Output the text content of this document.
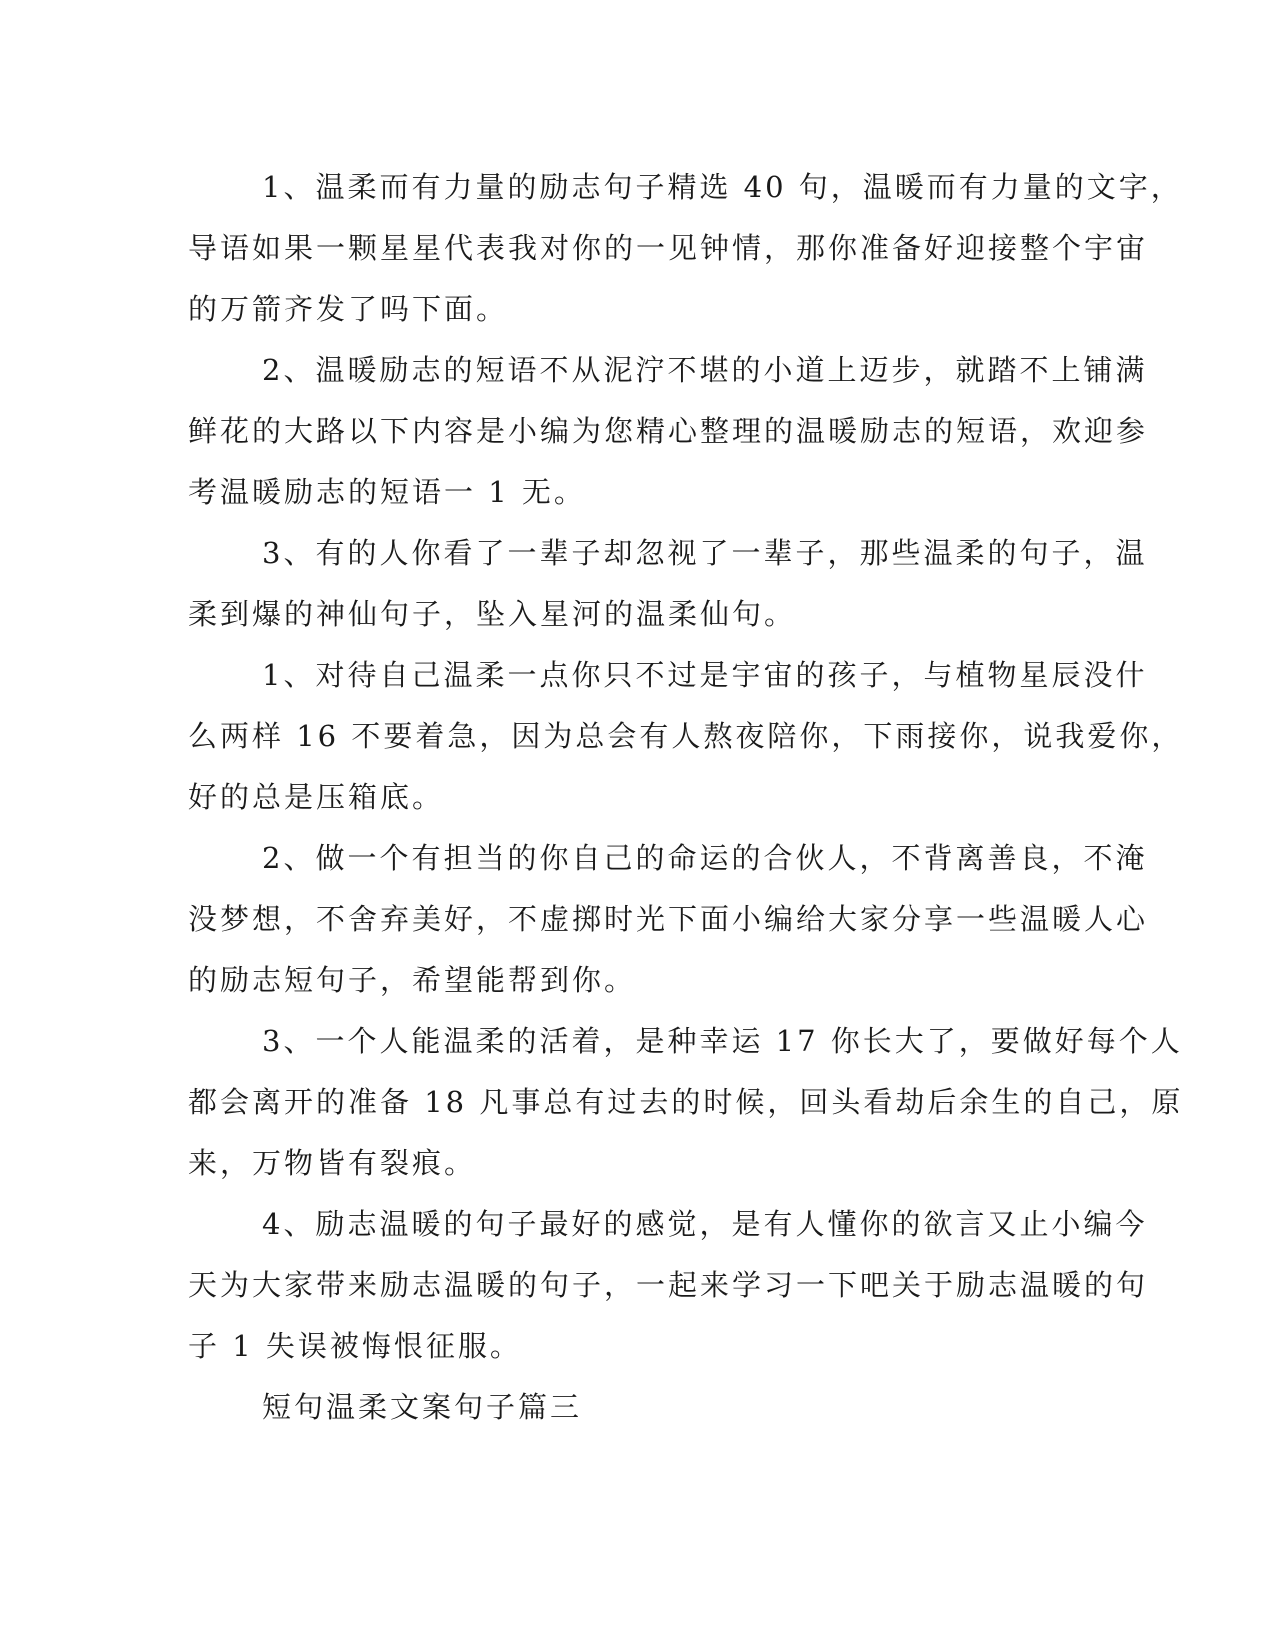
1、温柔而有力量的励志句子精选 40 句，温暖而有力量的文字，
导语如果一颗星星代表我对你的一见钟情，那你准备好迎接整个宇宙
的万箭齐发了吗下面。

2、温暖励志的短语不从泥泞不堪的小道上迈步，就踏不上铺满
鲜花的大路以下内容是小编为您精心整理的温暖励志的短语，欢迎参
考温暖励志的短语一 1 无。

3、有的人你看了一辈子却忽视了一辈子，那些温柔的句子，温
柔到爆的神仙句子，坠入星河的温柔仙句。

1、对待自己温柔一点你只不过是宇宙的孩子，与植物星辰没什
么两样 16 不要着急，因为总会有人熬夜陪你，下雨接你，说我爱你，
好的总是压箱底。

2、做一个有担当的你自己的命运的合伙人，不背离善良，不淹
没梦想，不舍弃美好，不虚掷时光下面小编给大家分享一些温暖人心
的励志短句子，希望能帮到你。

3、一个人能温柔的活着，是种幸运 17 你长大了，要做好每个人
都会离开的准备 18 凡事总有过去的时候，回头看劫后余生的自己，原
来，万物皆有裂痕。

4、励志温暖的句子最好的感觉，是有人懂你的欲言又止小编今
天为大家带来励志温暖的句子，一起来学习一下吧关于励志温暖的句
子 1 失误被悔恨征服。

短句温柔文案句子篇三
